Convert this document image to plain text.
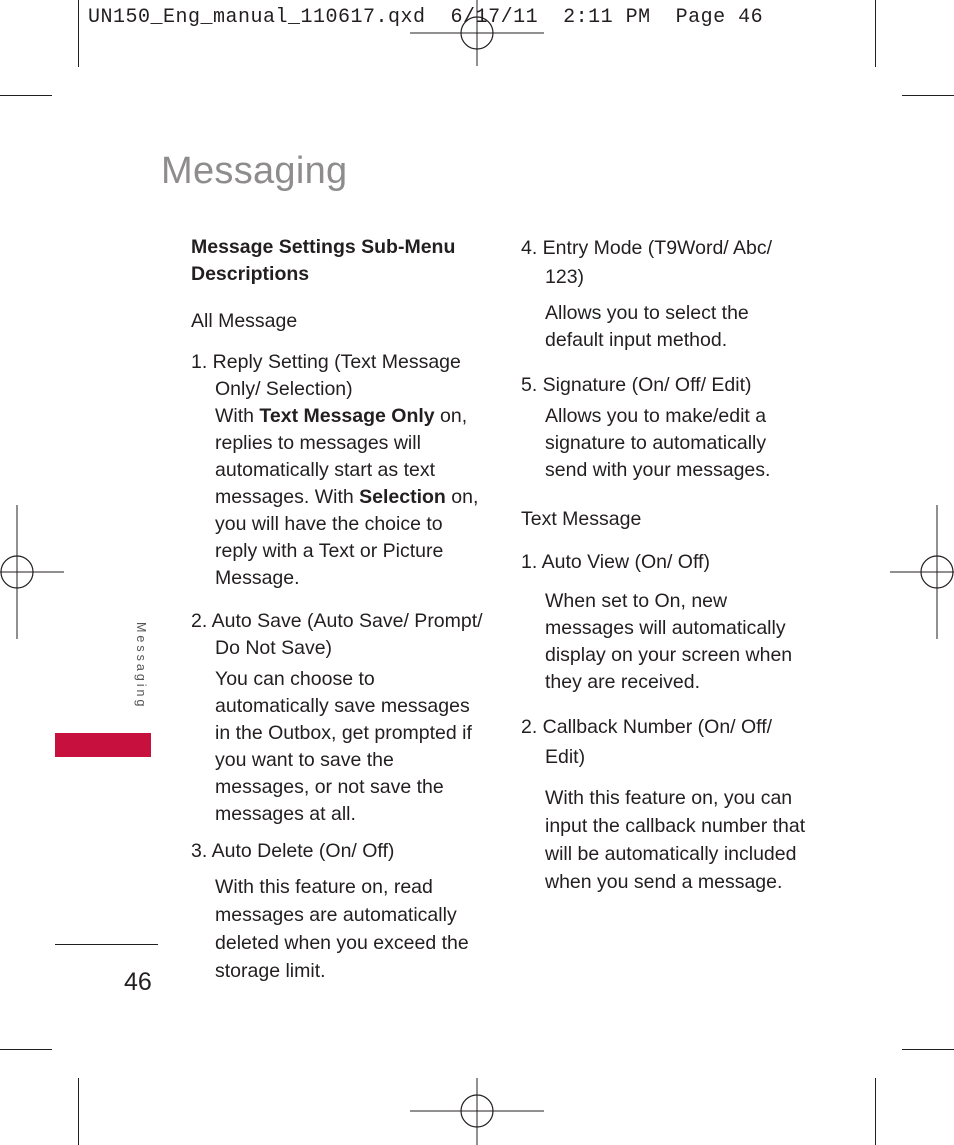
UN150_Eng_manual_110617.qxd  6/17/11  2:11 PM  Page 46
Messaging

Message Settings Sub-Menu
Descriptions

All Message

1. Reply Setting (Text Message Only/ Selection)

With Text Message Only on, replies to messages will automatically start as text messages. With Selection on, you will have the choice to reply with a Text or Picture Message.

2. Auto Save (Auto Save/ Prompt/ Do Not Save)

You can choose to automatically save messages in the Outbox, get prompted if you want to save the messages, or not save the messages at all.

3. Auto Delete (On/ Off)

With this feature on, read messages are automatically deleted when you exceed the storage limit.

4. Entry Mode (T9Word/ Abc/ 123)

Allows you to select the default input method.

5. Signature (On/ Off/ Edit)

Allows you to make/edit a signature to automatically send with your messages.

Text Message

1. Auto View (On/ Off)

When set to On, new messages will automatically display on your screen when they are received.

2. Callback Number (On/ Off/ Edit)

With this feature on, you can input the callback number that will be automatically included when you send a message.

Messaging
46
